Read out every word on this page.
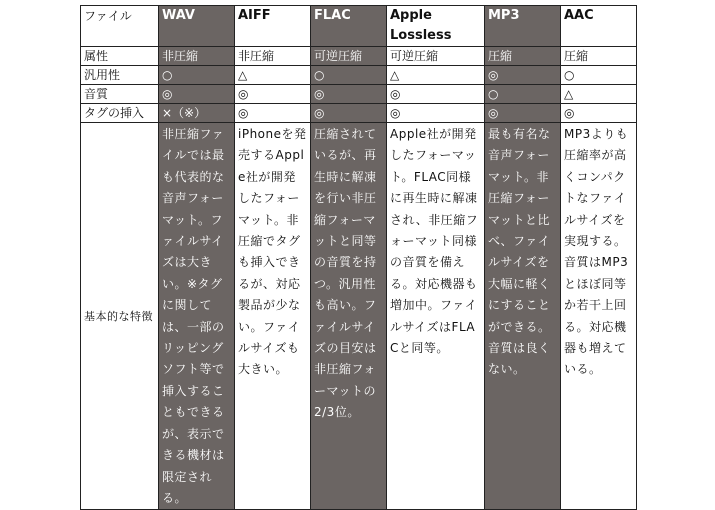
ファイル	WAV	AIFF	FLAC	Apple Lossless	MP3	AAC
属性	非圧縮	非圧縮	可逆圧縮	可逆圧縮	圧縮	圧縮
汎用性	○	△	○	△	◎	○
音質	◎	◎	◎	◎	○	△
タグの挿入	×（※）	◎	◎	◎	◎	◎
基本的な特徴	非圧縮ファイルでは最も代表的な音声フォーマット。ファイルサイズは大きい。※タグに関しては、一部のリッピングソフト等で挿入することもできるが、表示できる機材は限定される。	iPhoneを発売するApple社が開発したフォーマット。非圧縮でタグも挿入できるが、対応製品が少ない。ファイルサイズも大きい。	圧縮されているが、再生時に解凍を行い非圧縮フォーマットと同等の音質を持つ。汎用性も高い。ファイルサイズの目安は非圧縮フォーマットの2/3位。	Apple社が開発したフォーマット。FLAC同様に再生時に解凍され、非圧縮フォーマット同様の音質を備える。対応機器も増加中。ファイルサイズはFLACと同等。	最も有名な音声フォーマット。非圧縮フォーマットと比べ、ファイルサイズを大幅に軽くにすることができる。音質は良くない。	MP3よりも圧縮率が高くコンパクトなファイルサイズを実現する。音質はMP3とほぼ同等か若干上回る。対応機器も増えている。
